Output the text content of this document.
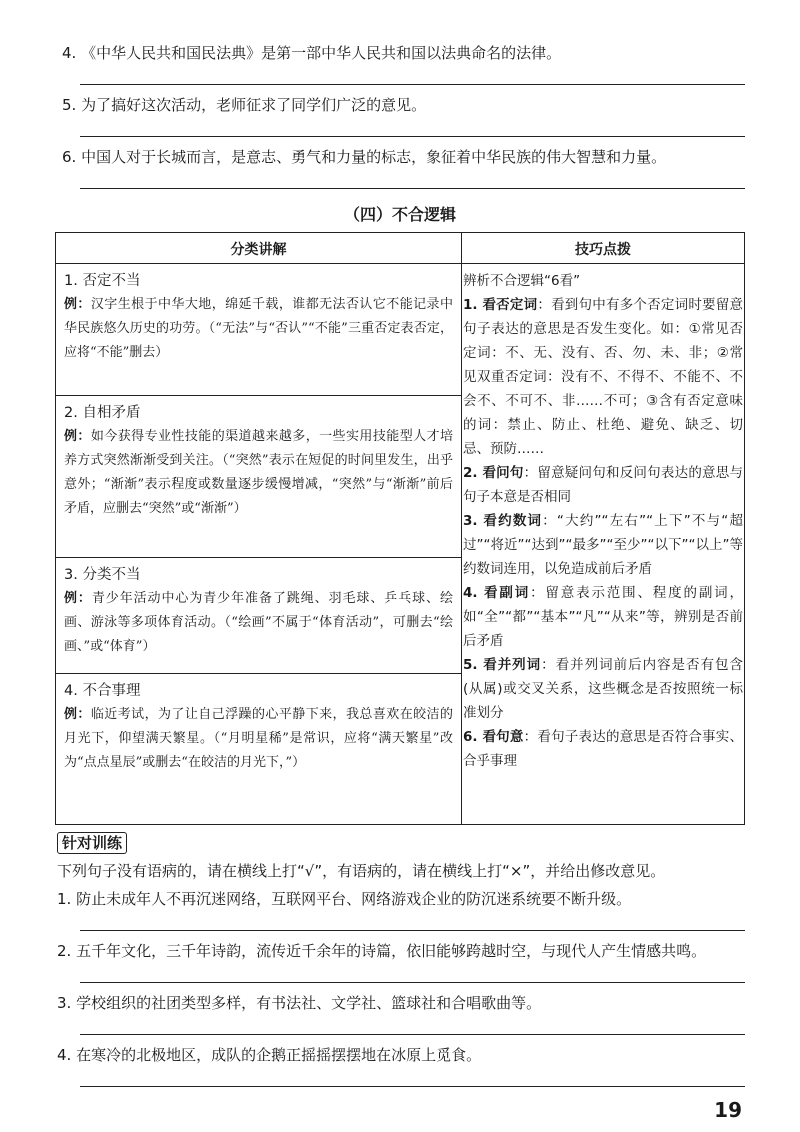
4. 《中华人民共和国民法典》是第一部中华人民共和国以法典命名的法律。
5. 为了搞好这次活动，老师征求了同学们广泛的意见。
6. 中国人对于长城而言，是意志、勇气和力量的标志，象征着中华民族的伟大智慧和力量。
（四）不合逻辑
分类讲解	技巧点拨
1. 否定不当
例：汉字生根于中华大地，绵延千载，谁都无法否认它不能记录中华民族悠久历史的功劳。（“无法”与“否认”“不能”三重否定表否定，应将“不能”删去）
2. 自相矛盾
例：如今获得专业性技能的渠道越来越多，一些实用技能型人才培养方式突然渐渐受到关注。（“突然”表示在短促的时间里发生，出乎意外；“渐渐”表示程度或数量逐步缓慢增减，“突然”与“渐渐”前后矛盾，应删去“突然”或“渐渐”）
3. 分类不当
例：青少年活动中心为青少年准备了跳绳、羽毛球、乒乓球、绘画、游泳等多项体育活动。（“绘画”不属于“体育活动”，可删去“绘画、”或“体育”）
4. 不合事理
例：临近考试，为了让自己浮躁的心平静下来，我总喜欢在皎洁的月光下，仰望满天繁星。（“月明星稀”是常识，应将“满天繁星”改为“点点星辰”或删去“在皎洁的月光下，”）

辨析不合逻辑“6看”

1. 看否定词：看到句中有多个否定词时要留意句子表达的意思是否发生变化。如：①常见否定词：不、无、没有、否、勿、未、非；②常见双重否定词：没有不、不得不、不能不、不会不、不可不、非……不可；③含有否定意味的词：禁止、防止、杜绝、避免、缺乏、切忌、预防……

2. 看问句：留意疑问句和反问句表达的意思与句子本意是否相同

3. 看约数词：“大约”“左右”“上下”不与“超过”“将近”“达到”“最多”“至少”“以下”“以上”等约数词连用，以免造成前后矛盾

4. 看副词：留意表示范围、程度的副词，如“全”“都”“基本”“凡”“从来”等，辨别是否前后矛盾

5. 看并列词：看并列词前后内容是否有包含(从属)或交叉关系，这些概念是否按照统一标准划分

6. 看句意：看句子表达的意思是否符合事实、合乎事理

针对训练
下列句子没有语病的，请在横线上打“√”，有语病的，请在横线上打“×”，并给出修改意见。
1. 防止未成年人不再沉迷网络，互联网平台、网络游戏企业的防沉迷系统要不断升级。
2. 五千年文化，三千年诗韵，流传近千余年的诗篇，依旧能够跨越时空，与现代人产生情感共鸣。
3. 学校组织的社团类型多样，有书法社、文学社、篮球社和合唱歌曲等。
4. 在寒冷的北极地区，成队的企鹅正摇摇摆摆地在冰原上觅食。
19
